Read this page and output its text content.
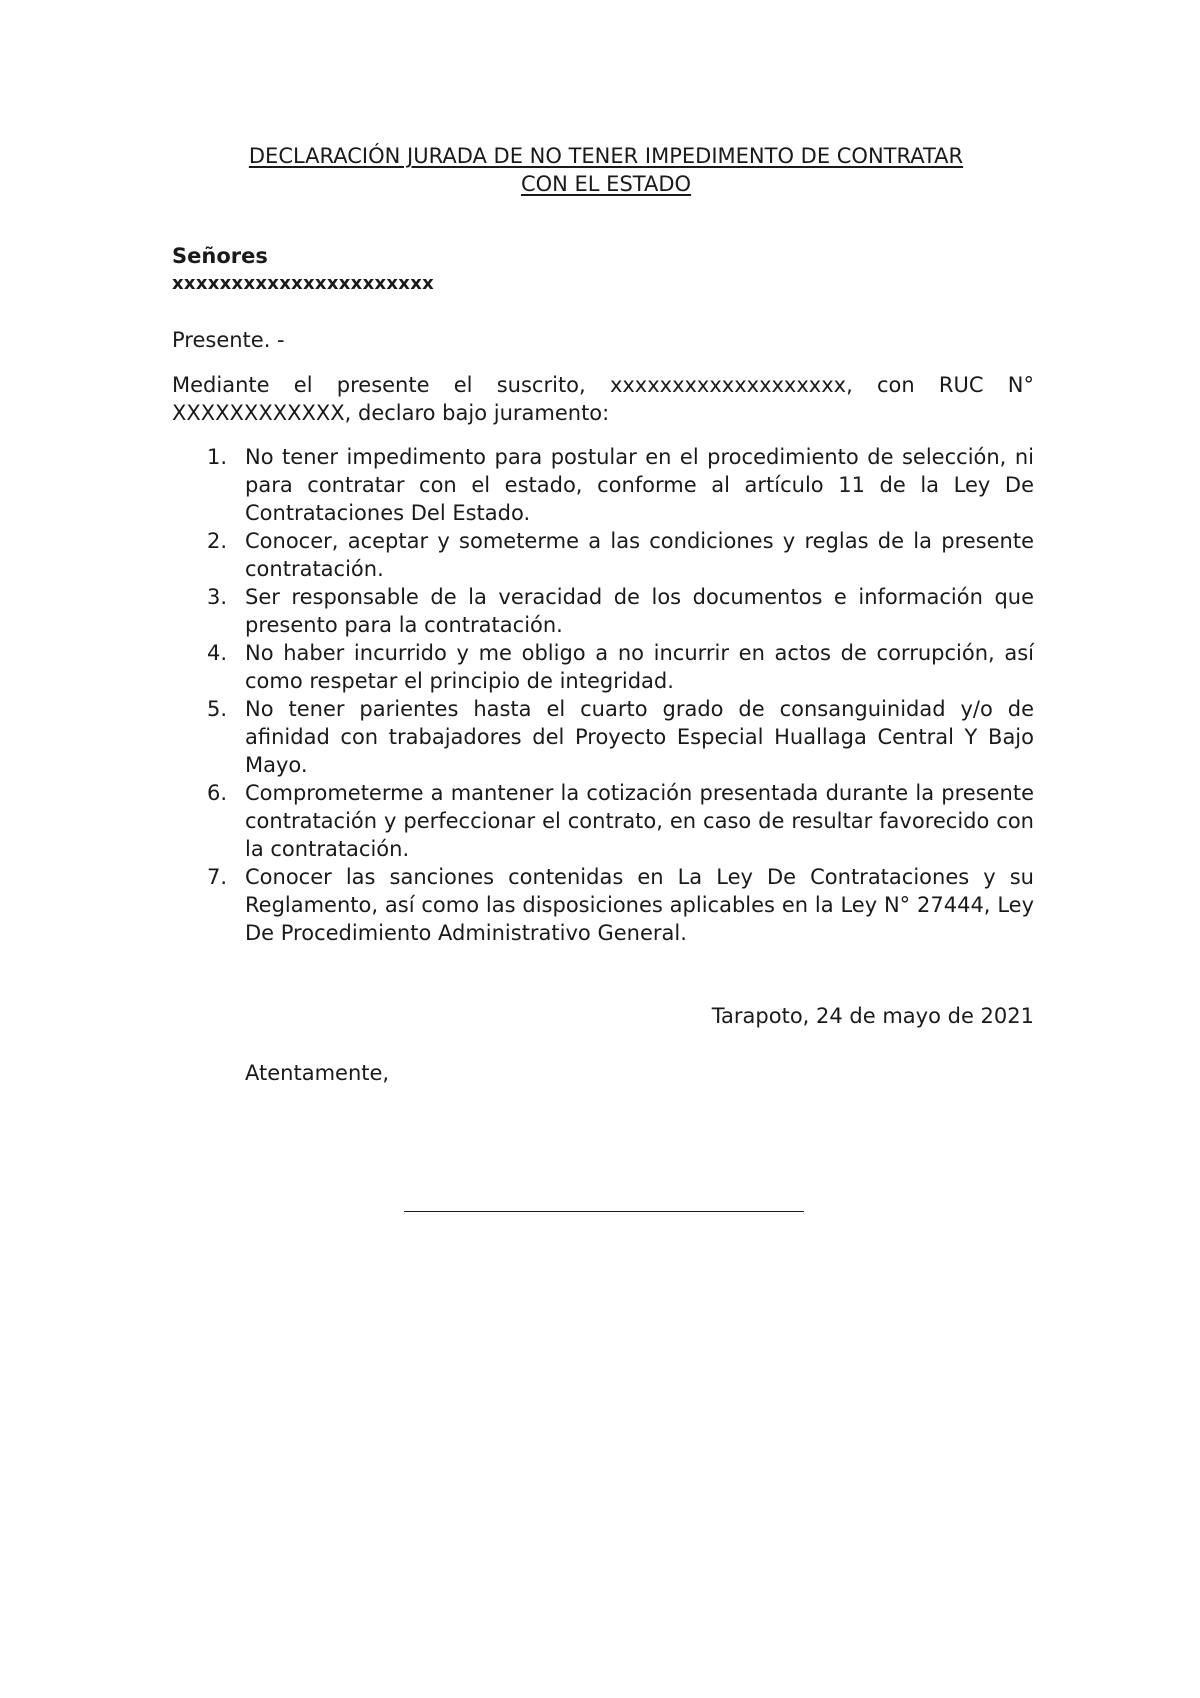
DECLARACIÓN JURADA DE NO TENER IMPEDIMENTO DE CONTRATAR
CON EL ESTADO
Señores
xxxxxxxxxxxxxxxxxxxxxx
Presente. -
Mediante el presente el suscrito, xxxxxxxxxxxxxxxxxxx, con RUC N° XXXXXXXXXXXX, declaro bajo juramento:
1. No tener impedimento para postular en el procedimiento de selección, ni para contratar con el estado, conforme al artículo 11 de la Ley De Contrataciones Del Estado.
2. Conocer, aceptar y someterme a las condiciones y reglas de la presente contratación.
3. Ser responsable de la veracidad de los documentos e información que presento para la contratación.
4. No haber incurrido y me obligo a no incurrir en actos de corrupción, así como respetar el principio de integridad.
5. No tener parientes hasta el cuarto grado de consanguinidad y/o de afinidad con trabajadores del Proyecto Especial Huallaga Central Y Bajo Mayo.
6. Comprometerme a mantener la cotización presentada durante la presente contratación y perfeccionar el contrato, en caso de resultar favorecido con la contratación.
7. Conocer las sanciones contenidas en La Ley De Contrataciones y su Reglamento, así como las disposiciones aplicables en la Ley N° 27444, Ley De Procedimiento Administrativo General.
Tarapoto, 24 de mayo de 2021
Atentamente,
